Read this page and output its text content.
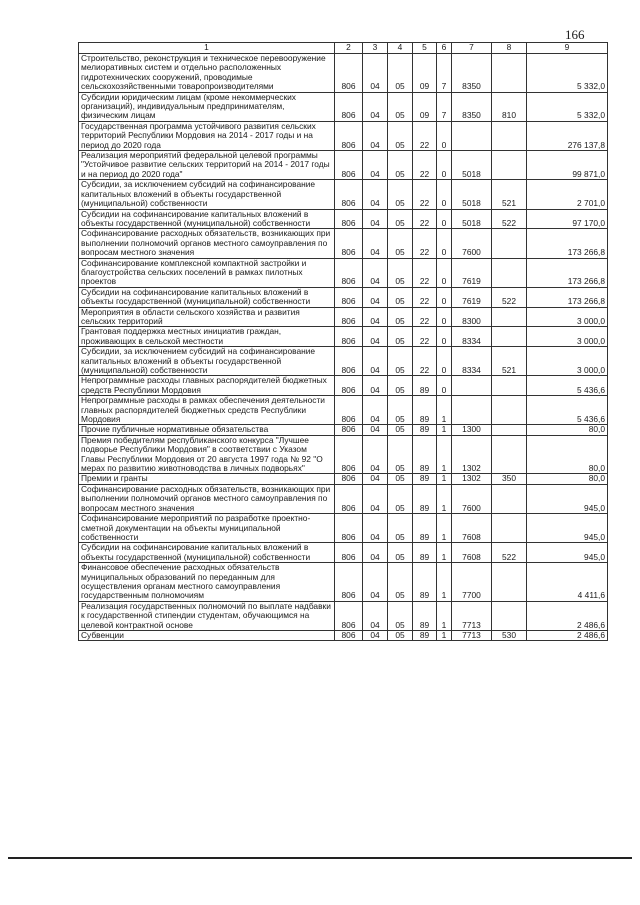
166
1	2	3	4	5	6	7	8	9
Строительство, реконструкция и техническое перевооружение мелиоративных систем и отдельно расположенных гидротехнических сооружений, проводимые сельскохозяйственными товаропроизводителями	806	04	05	09	7	8350		5 332,0
Субсидии юридическим лицам (кроме некоммерческих организаций), индивидуальным предпринимателям, физическим лицам	806	04	05	09	7	8350	810	5 332,0
Государственная программа устойчивого развития сельских территорий Республики Мордовия на 2014 - 2017 годы и на период до 2020 года	806	04	05	22	0			276 137,8
Реализация мероприятий федеральной целевой программы "Устойчивое развитие сельских территорий на 2014 - 2017 годы и на период до 2020 года"	806	04	05	22	0	5018		99 871,0
Субсидии, за исключением субсидий на софинансирование капитальных вложений в объекты государственной (муниципальной) собственности	806	04	05	22	0	5018	521	2 701,0
Субсидии на софинансирование капитальных вложений в объекты государственной (муниципальной) собственности	806	04	05	22	0	5018	522	97 170,0
Софинансирование расходных обязательств, возникающих при выполнении полномочий органов местного самоуправления по вопросам местного значения	806	04	05	22	0	7600		173 266,8
Софинансирование комплексной компактной застройки и благоустройства сельских поселений в рамках пилотных проектов	806	04	05	22	0	7619		173 266,8
Субсидии на софинансирование капитальных вложений в объекты государственной (муниципальной) собственности	806	04	05	22	0	7619	522	173 266,8
Мероприятия в области сельского хозяйства и развития сельских территорий	806	04	05	22	0	8300		3 000,0
Грантовая поддержка местных инициатив граждан, проживающих в сельской местности	806	04	05	22	0	8334		3 000,0
Субсидии, за исключением субсидий на софинансирование капитальных вложений в объекты государственной (муниципальной) собственности	806	04	05	22	0	8334	521	3 000,0
Непрограммные расходы главных распорядителей бюджетных средств Республики Мордовия	806	04	05	89	0			5 436,6
Непрограммные расходы в рамках обеспечения деятельности главных распорядителей бюджетных средств Республики Мордовия	806	04	05	89	1			5 436,6
Прочие публичные нормативные обязательства	806	04	05	89	1	1300		80,0
Премия победителям республиканского конкурса "Лучшее подворье Республики Мордовия" в соответствии с Указом Главы Республики Мордовия от 20 августа 1997 года № 92 "О мерах по развитию животноводства в личных подворьях"	806	04	05	89	1	1302		80,0
Премии и гранты	806	04	05	89	1	1302	350	80,0
Софинансирование расходных обязательств, возникающих при выполнении полномочий органов местного самоуправления по вопросам местного значения	806	04	05	89	1	7600		945,0
Софинансирование мероприятий по разработке проектно-сметной документации на объекты муниципальной собственности	806	04	05	89	1	7608		945,0
Субсидии на софинансирование капитальных вложений в объекты государственной (муниципальной) собственности	806	04	05	89	1	7608	522	945,0
Финансовое обеспечение расходных обязательств муниципальных образований по переданным для осуществления органам местного самоуправления государственным полномочиям	806	04	05	89	1	7700		4 411,6
Реализация государственных полномочий по выплате надбавки к государственной стипендии студентам, обучающимся на целевой контрактной основе	806	04	05	89	1	7713		2 486,6
Субвенции	806	04	05	89	1	7713	530	2 486,6
